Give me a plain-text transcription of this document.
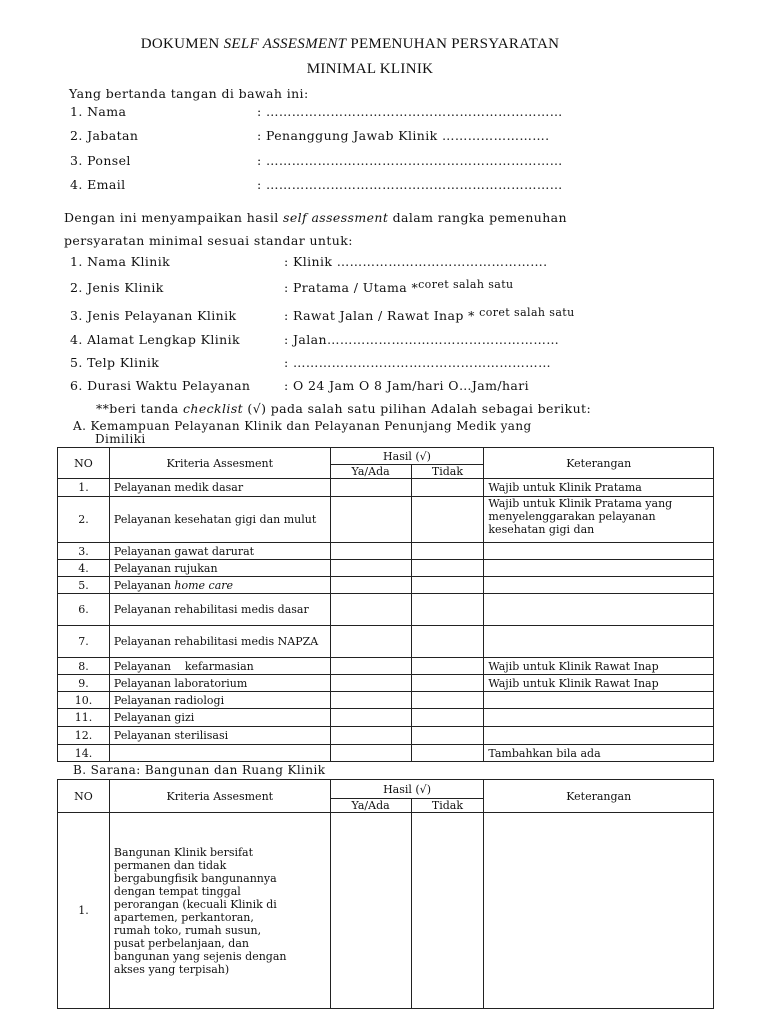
DOKUMEN SELF ASSESMENT PEMENUHAN PERSYARATAN
MINIMAL KLINIK
Yang bertanda tangan di bawah ini:
1. Nama	: ……………………………………………………………
2. Jabatan	: Penanggung Jawab Klinik …………………….
3. Ponsel	: ……………………………………………………………
4. Email	: ……………………………………………………………
Dengan ini menyampaikan hasil self assessment dalam rangka pemenuhan
persyaratan minimal sesuai standar untuk:
1. Nama Klinik	: Klinik ………………………………………….
2. Jenis Klinik	: Pratama / Utama *coret salah satu
3. Jenis Pelayanan Klinik	: Rawat Jalan / Rawat Inap * coret salah satu
4. Alamat Lengkap Klinik	: Jalan………………………………………………
5. Telp Klinik	: ……………………………………………………
6. Durasi Waktu Pelayanan	: O 24 Jam O 8 Jam/hari O…Jam/hari
**beri tanda checklist (√) pada salah satu pilihan Adalah sebagai berikut:
A. Kemampuan Pelayanan Klinik dan Pelayanan Penunjang Medik yang
Dimiliki
NO	Kriteria Assesment	Hasil (√)		Keterangan
		Ya/Ada	Tidak	
1.	Pelayanan medik dasar			Wajib untuk Klinik Pratama
2.	Pelayanan kesehatan gigi dan mulut			Wajib untuk Klinik Pratama yang menyelenggarakan pelayanan kesehatan gigi dan
3.	Pelayanan gawat darurat			
4.	Pelayanan rujukan			
5.	Pelayanan home care			
6.	Pelayanan rehabilitasi medis dasar			
7.	Pelayanan rehabilitasi medis NAPZA			
8.	Pelayanan    kefarmasian			Wajib untuk Klinik Rawat Inap
9.	Pelayanan laboratorium			Wajib untuk Klinik Rawat Inap
10.	Pelayanan radiologi			
11.	Pelayanan gizi			
12.	Pelayanan sterilisasi			
14.				Tambahkan bila ada
B. Sarana: Bangunan dan Ruang Klinik
NO	Kriteria Assesment	Hasil (√)		Keterangan
		Ya/Ada	Tidak	
1.	Bangunan Klinik bersifat permanen dan tidak bergabungfisik bangunannya dengan tempat tinggal perorangan (kecuali Klinik di apartemen, perkantoran, rumah toko, rumah susun, pusat perbelanjaan, dan bangunan yang sejenis dengan akses yang terpisah)			
